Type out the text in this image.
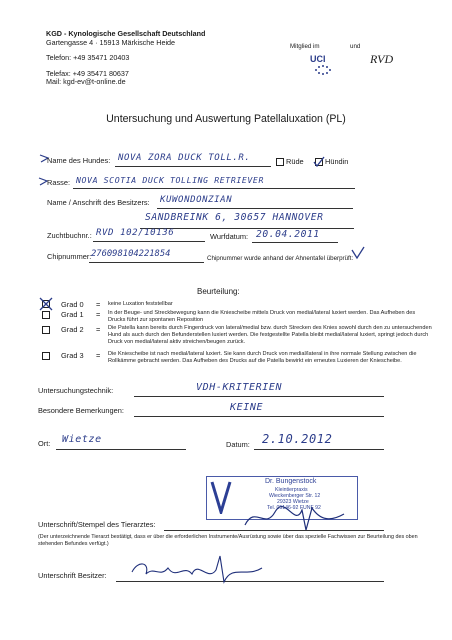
KGD - Kynologische Gesellschaft Deutschland
Gartengasse 4 · 15913 Märkische Heide
Telefon: +49 35471 20403
Telefax: +49 35471 80637
Mail: kgd-ev@t-online.de
Mitglied im	und
UCI	RVD
Untersuchung und Auswertung Patellaluxation (PL)
Name des Hundes: NOVA ZORA DUCK TOLL.R.	Rüde	Hündin
Rasse: NOVA SCOTIA DUCK TOLLING RETRIEVER
Name / Anschrift des Besitzers: KUWONDONZIAN
SANDBREINK 6, 30657 HANNOVER
Zuchtbuchnr.: RVD 102/10136	Wurfdatum: 20.04.2011
Chipnummer: 276098104221854	Chipnummer wurde anhand der Ahnentafel überprüft:
Beurteilung:
Grad 0 = keine Luxation feststellbar
Grad 1 = In der Beuge- und Streckbewegung kann die Kniescheibe mittels Druck von medial/lateral luxiert werden. Das Aufheben des Drucks führt zur spontanen Reposition
Grad 2 = Die Patella kann bereits durch Fingerdruck von lateral/medial bzw. durch Strecken des Knies sowohl durch den zu untersuchenden Hund als auch durch den Befunderstellen luxiert werden. Die festgestellte Patella bleibt medial/lateral luxiert, springt jedoch durch Druck von medial/lateral aktiv streichen/beugen zurück.
Grad 3 = Die Kniescheibe ist nach medial/lateral luxiert. Sie kann durch Druck von medial/lateral in ihre normale Stellung zwischen die Rollkämme gebracht werden. Das Aufheben des Drucks auf die Patella bewirkt ein erneutes Luxieren der Kniescheibe.
Untersuchungstechnik:	VDH-KRITERIEN
Besondere Bemerkungen:	KEINE
Ort: Wietze	Datum: 2.10.2012
Dr. Bungenstock
Kleintierpraxis
Wieckenberger Str. 12
29323 Wietze
Tel. 05146-92 FUNF 92
Unterschrift/Stempel des Tierarztes:
(Der unterzeichnende Tierarzt bestätigt, dass er über die erforderlichen Instrumente/Ausrüstung sowie über das spezielle Fachwissen zur Beurteilung des oben stehenden Befundes verfügt.)
Unterschrift Besitzer:
